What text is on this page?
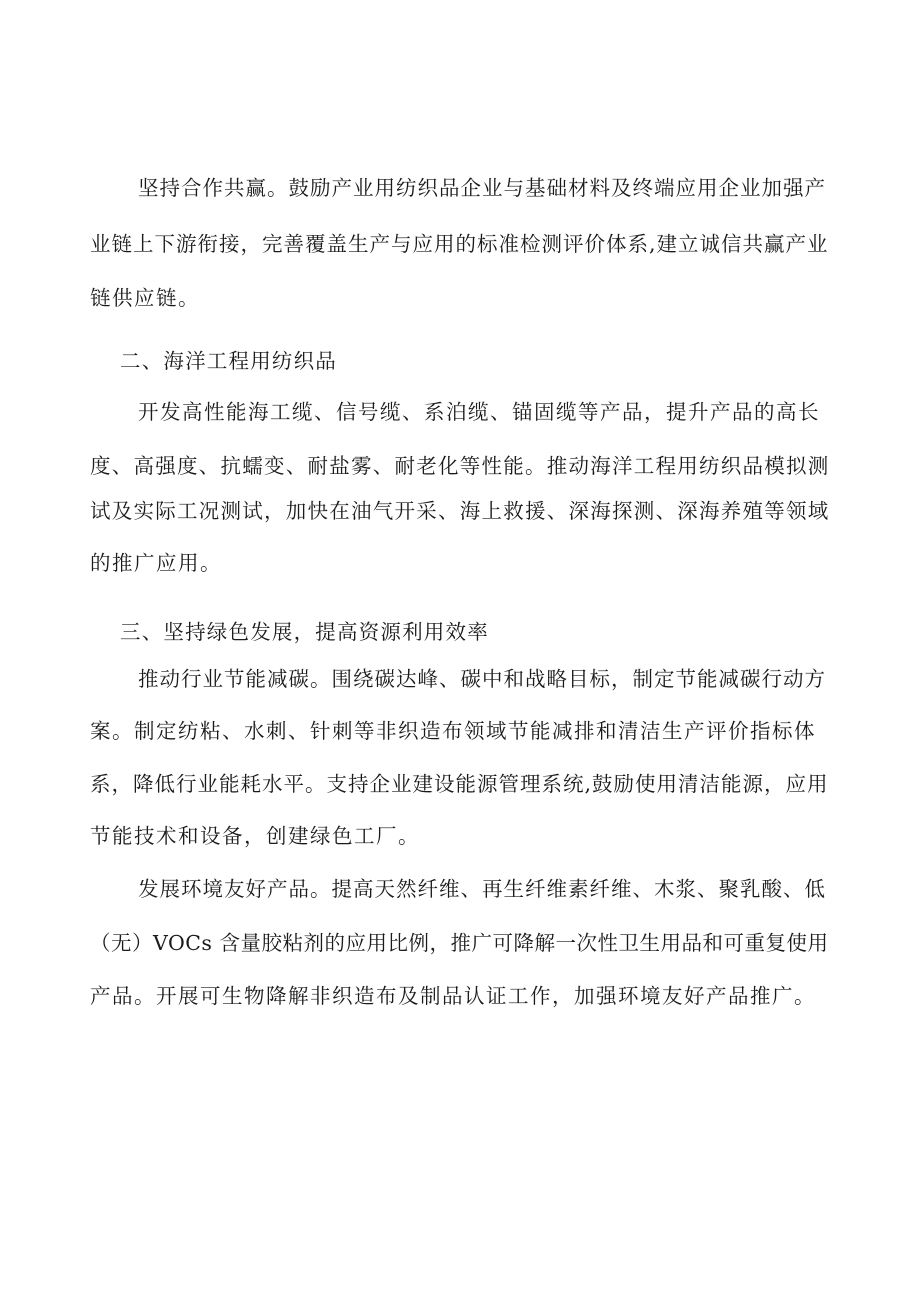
坚持合作共赢。鼓励产业用纺织品企业与基础材料及终端应用企业加强产
业链上下游衔接，完善覆盖生产与应用的标准检测评价体系,建立诚信共赢产业
链供应链。
二、海洋工程用纺织品
开发高性能海工缆、信号缆、系泊缆、锚固缆等产品，提升产品的高长
度、高强度、抗蠕变、耐盐雾、耐老化等性能。推动海洋工程用纺织品模拟测
试及实际工况测试，加快在油气开采、海上救援、深海探测、深海养殖等领域
的推广应用。
三、坚持绿色发展，提高资源利用效率
推动行业节能减碳。围绕碳达峰、碳中和战略目标，制定节能减碳行动方
案。制定纺粘、水刺、针刺等非织造布领域节能减排和清洁生产评价指标体
系，降低行业能耗水平。支持企业建设能源管理系统,鼓励使用清洁能源，应用
节能技术和设备，创建绿色工厂。
发展环境友好产品。提高天然纤维、再生纤维素纤维、木浆、聚乳酸、低
（无）VOCs 含量胶粘剂的应用比例，推广可降解一次性卫生用品和可重复使用
产品。开展可生物降解非织造布及制品认证工作，加强环境友好产品推广。
